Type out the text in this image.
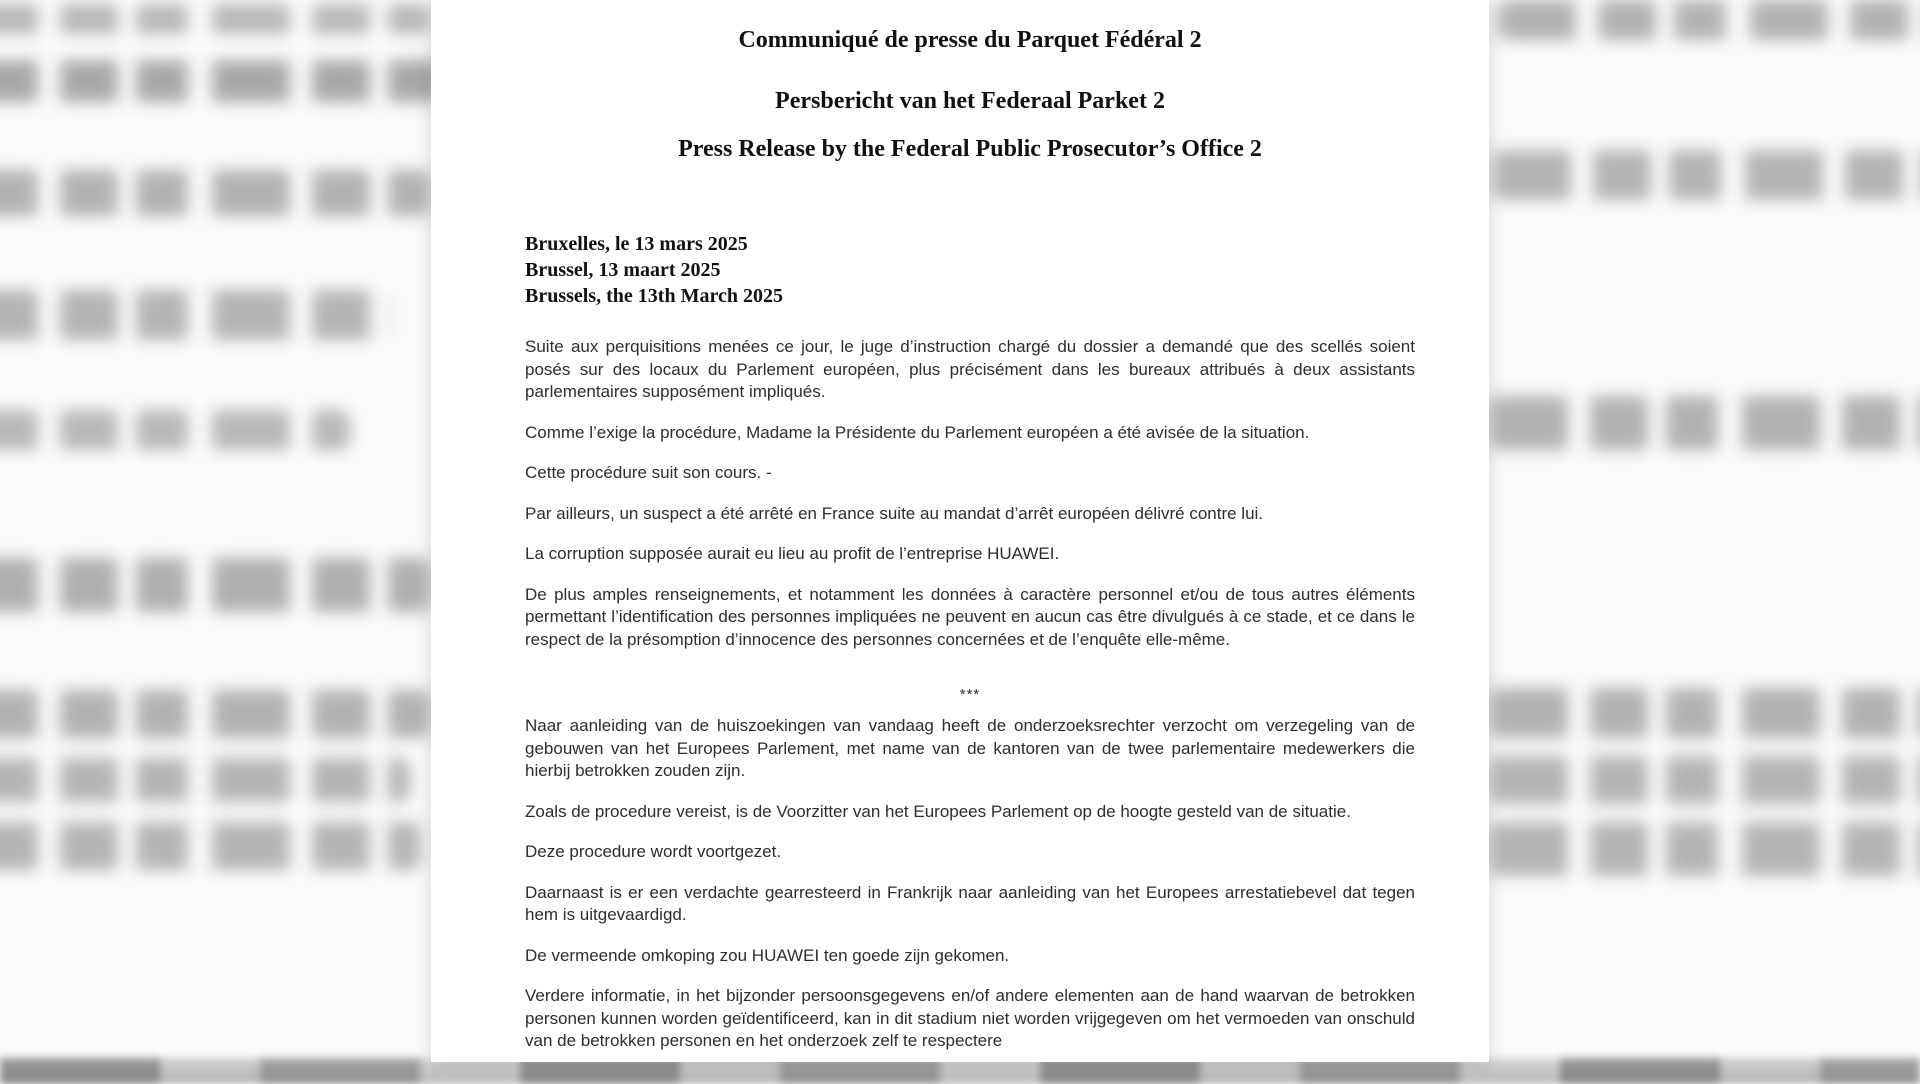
Communiqué de presse du Parquet Fédéral 2
Persbericht van het Federaal Parket 2
Press Release by the Federal Public Prosecutor’s Office 2
Bruxelles, le 13 mars 2025
Brussel, 13 maart 2025
Brussels, the 13th March 2025

Suite aux perquisitions menées ce jour, le juge d’instruction chargé du dossier a demandé que des scellés soient posés sur des locaux du Parlement européen, plus précisément dans les bureaux attribués à deux assistants parlementaires supposément impliqués.

Comme l’exige la procédure, Madame la Présidente du Parlement européen a été avisée de la situation.

Cette procédure suit son cours. -

Par ailleurs, un suspect a été arrêté en France suite au mandat d’arrêt européen délivré contre lui.

La corruption supposée aurait eu lieu au profit de l’entreprise HUAWEI.

De plus amples renseignements, et notamment les données à caractère personnel et/ou de tous autres éléments permettant l’identification des personnes impliquées ne peuvent en aucun cas être divulgués à ce stade, et ce dans le respect de la présomption d’innocence des personnes concernées et de l’enquête elle-même.

***

Naar aanleiding van de huiszoekingen van vandaag heeft de onderzoeksrechter verzocht om verzegeling van de gebouwen van het Europees Parlement, met name van de kantoren van de twee parlementaire medewerkers die hierbij betrokken zouden zijn.

Zoals de procedure vereist, is de Voorzitter van het Europees Parlement op de hoogte gesteld van de situatie.

Deze procedure wordt voortgezet.

Daarnaast is er een verdachte gearresteerd in Frankrijk naar aanleiding van het Europees arrestatiebevel dat tegen hem is uitgevaardigd.

De vermeende omkoping zou HUAWEI ten goede zijn gekomen.

Verdere informatie, in het bijzonder persoonsgegevens en/of andere elementen aan de hand waarvan de betrokken personen kunnen worden geïdentificeerd, kan in dit stadium niet worden vrijgegeven om het vermoeden van onschuld van de betrokken personen en het onderzoek zelf te respectere
